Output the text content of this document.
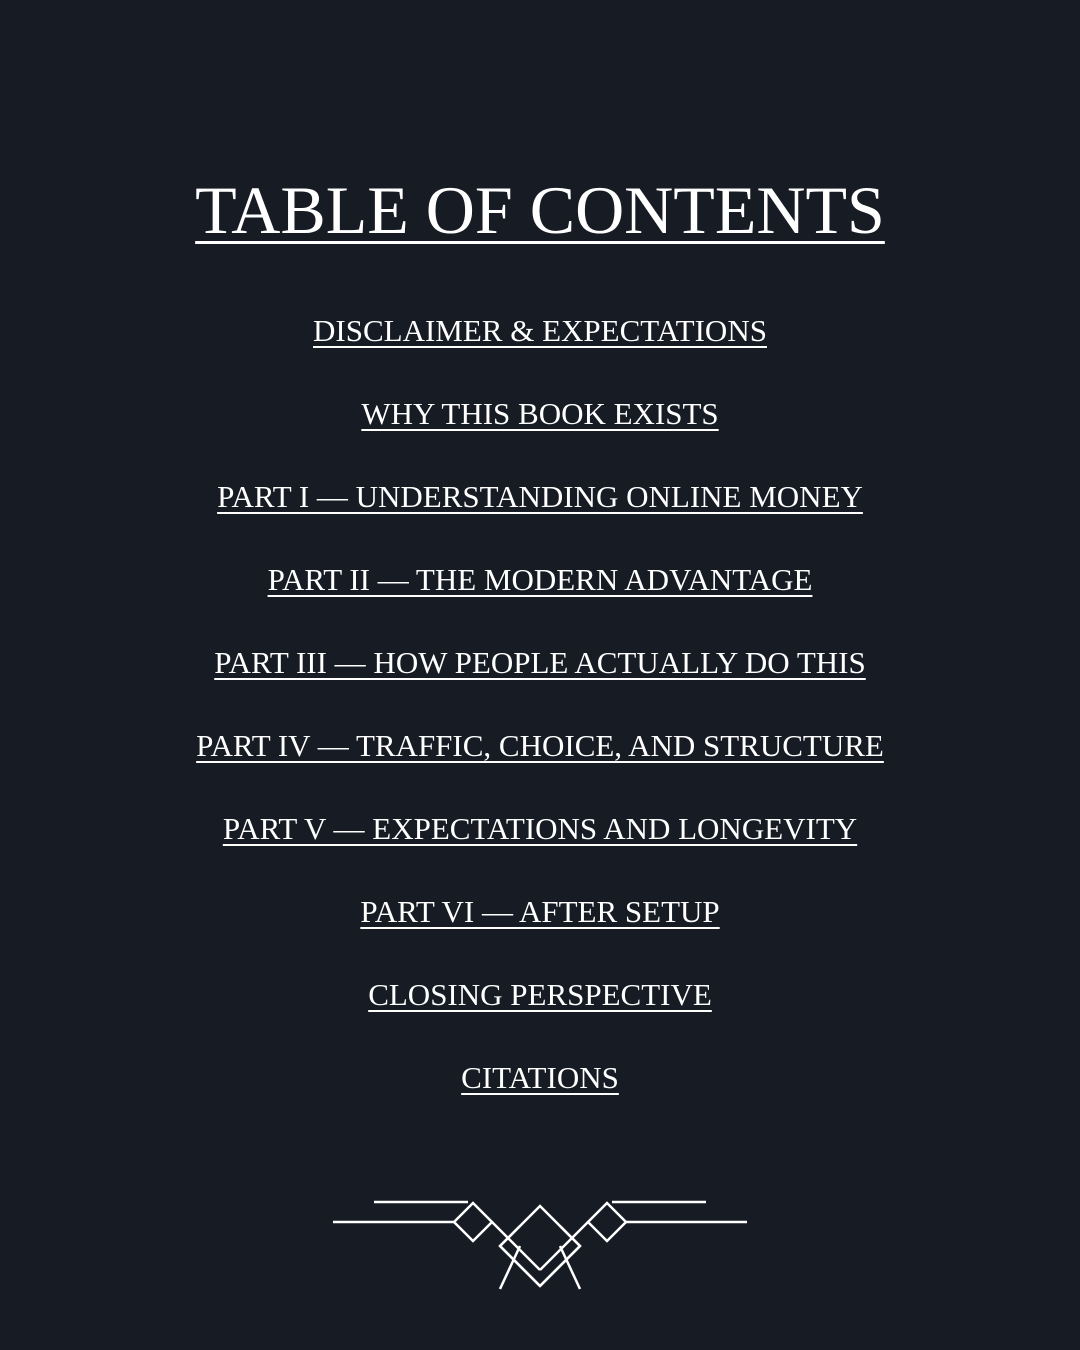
TABLE OF CONTENTS
DISCLAIMER & EXPECTATIONS
WHY THIS BOOK EXISTS
PART I — UNDERSTANDING ONLINE MONEY
PART II — THE MODERN ADVANTAGE
PART III — HOW PEOPLE ACTUALLY DO THIS
PART IV — TRAFFIC, CHOICE, AND STRUCTURE
PART V — EXPECTATIONS AND LONGEVITY
PART VI — AFTER SETUP
CLOSING PERSPECTIVE
CITATIONS
